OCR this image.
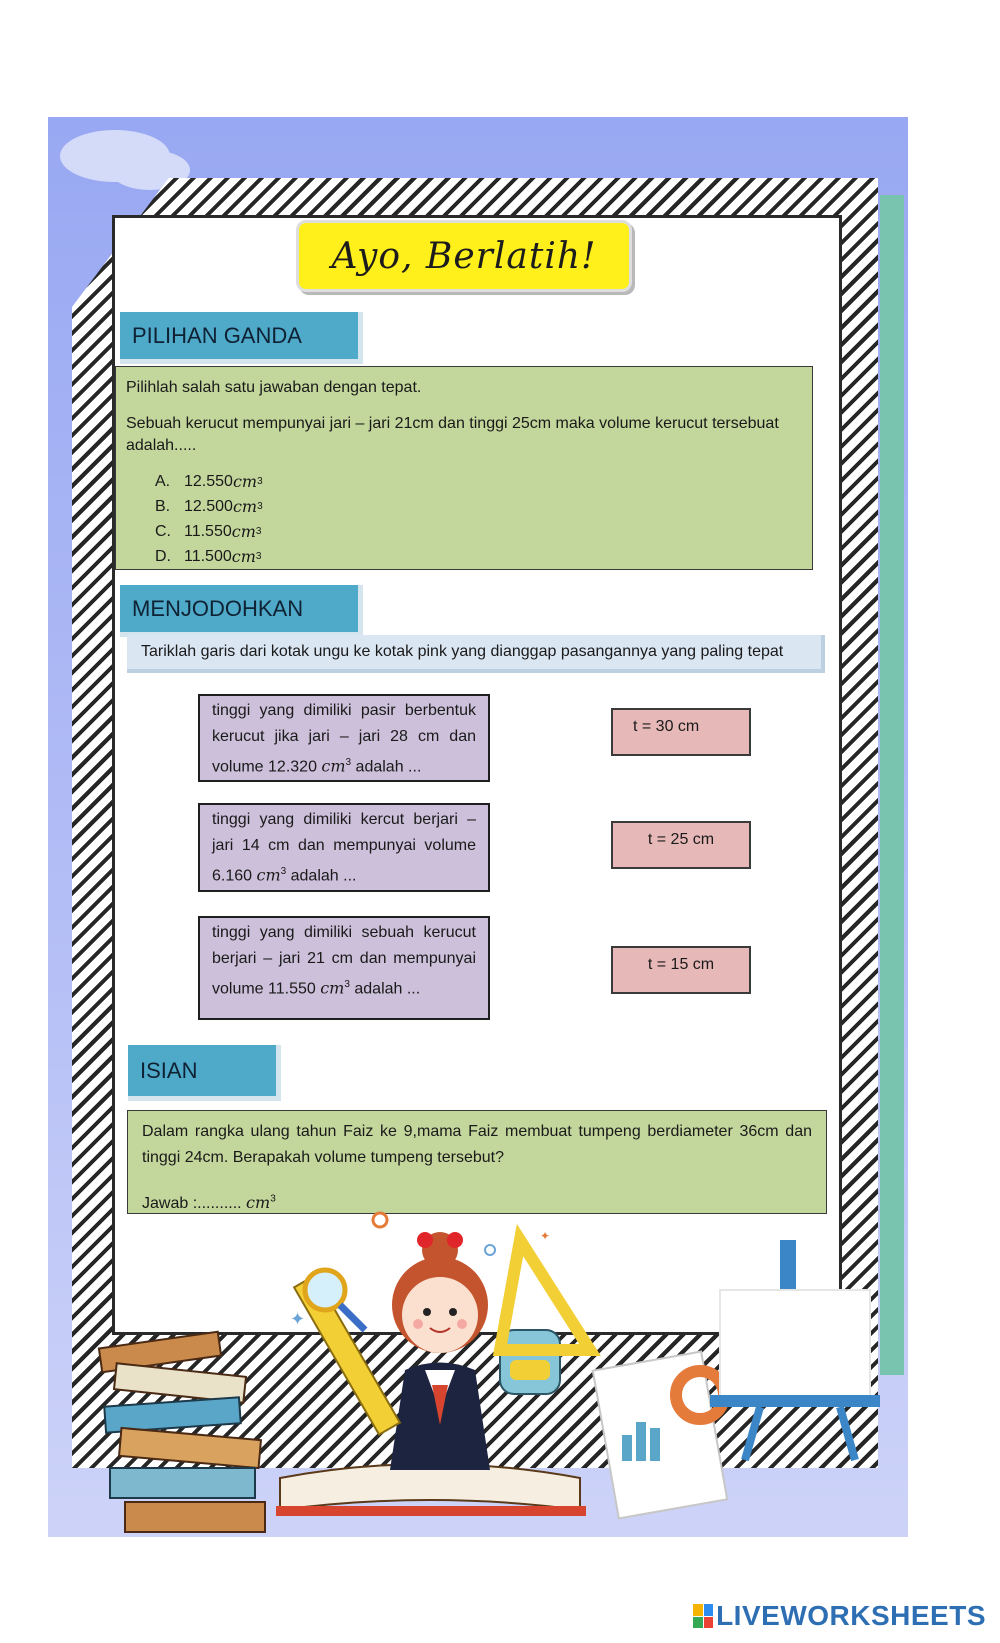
Ayo, Berlatih!
PILIHAN GANDA

Pilihlah salah satu jawaban dengan tepat.

Sebuah kerucut mempunyai jari – jari 21cm dan tinggi 25cm maka volume kerucut tersebuat adalah.....

A. 12.550 cm 3
B. 12.500 cm 3
C. 11.550 cm 3
D. 11.500 cm 3
MENJODOHKAN
Tariklah garis dari kotak ungu ke kotak pink yang dianggap pasangannya yang paling tepat
tinggi yang dimiliki pasir berbentuk kerucut jika jari – jari 28 cm dan volume 12.320 $cm^3$ adalah ...
tinggi yang dimiliki kercut berjari – jari 14 cm dan mempunyai volume 6.160 $cm^3$ adalah ...
tinggi yang dimiliki sebuah kerucut berjari – jari 21 cm dan mempunyai volume 11.550 $cm^3$ adalah ...
t = 30 cm
t = 25 cm
t = 15 cm
ISIAN

Dalam rangka ulang tahun Faiz ke 9,mama Faiz membuat tumpeng berdiameter 36cm dan tinggi 24cm. Berapakah volume tumpeng tersebut?

Jawab :.......... $cm^3$
✦
✦
LIVEWORKSHEETS
